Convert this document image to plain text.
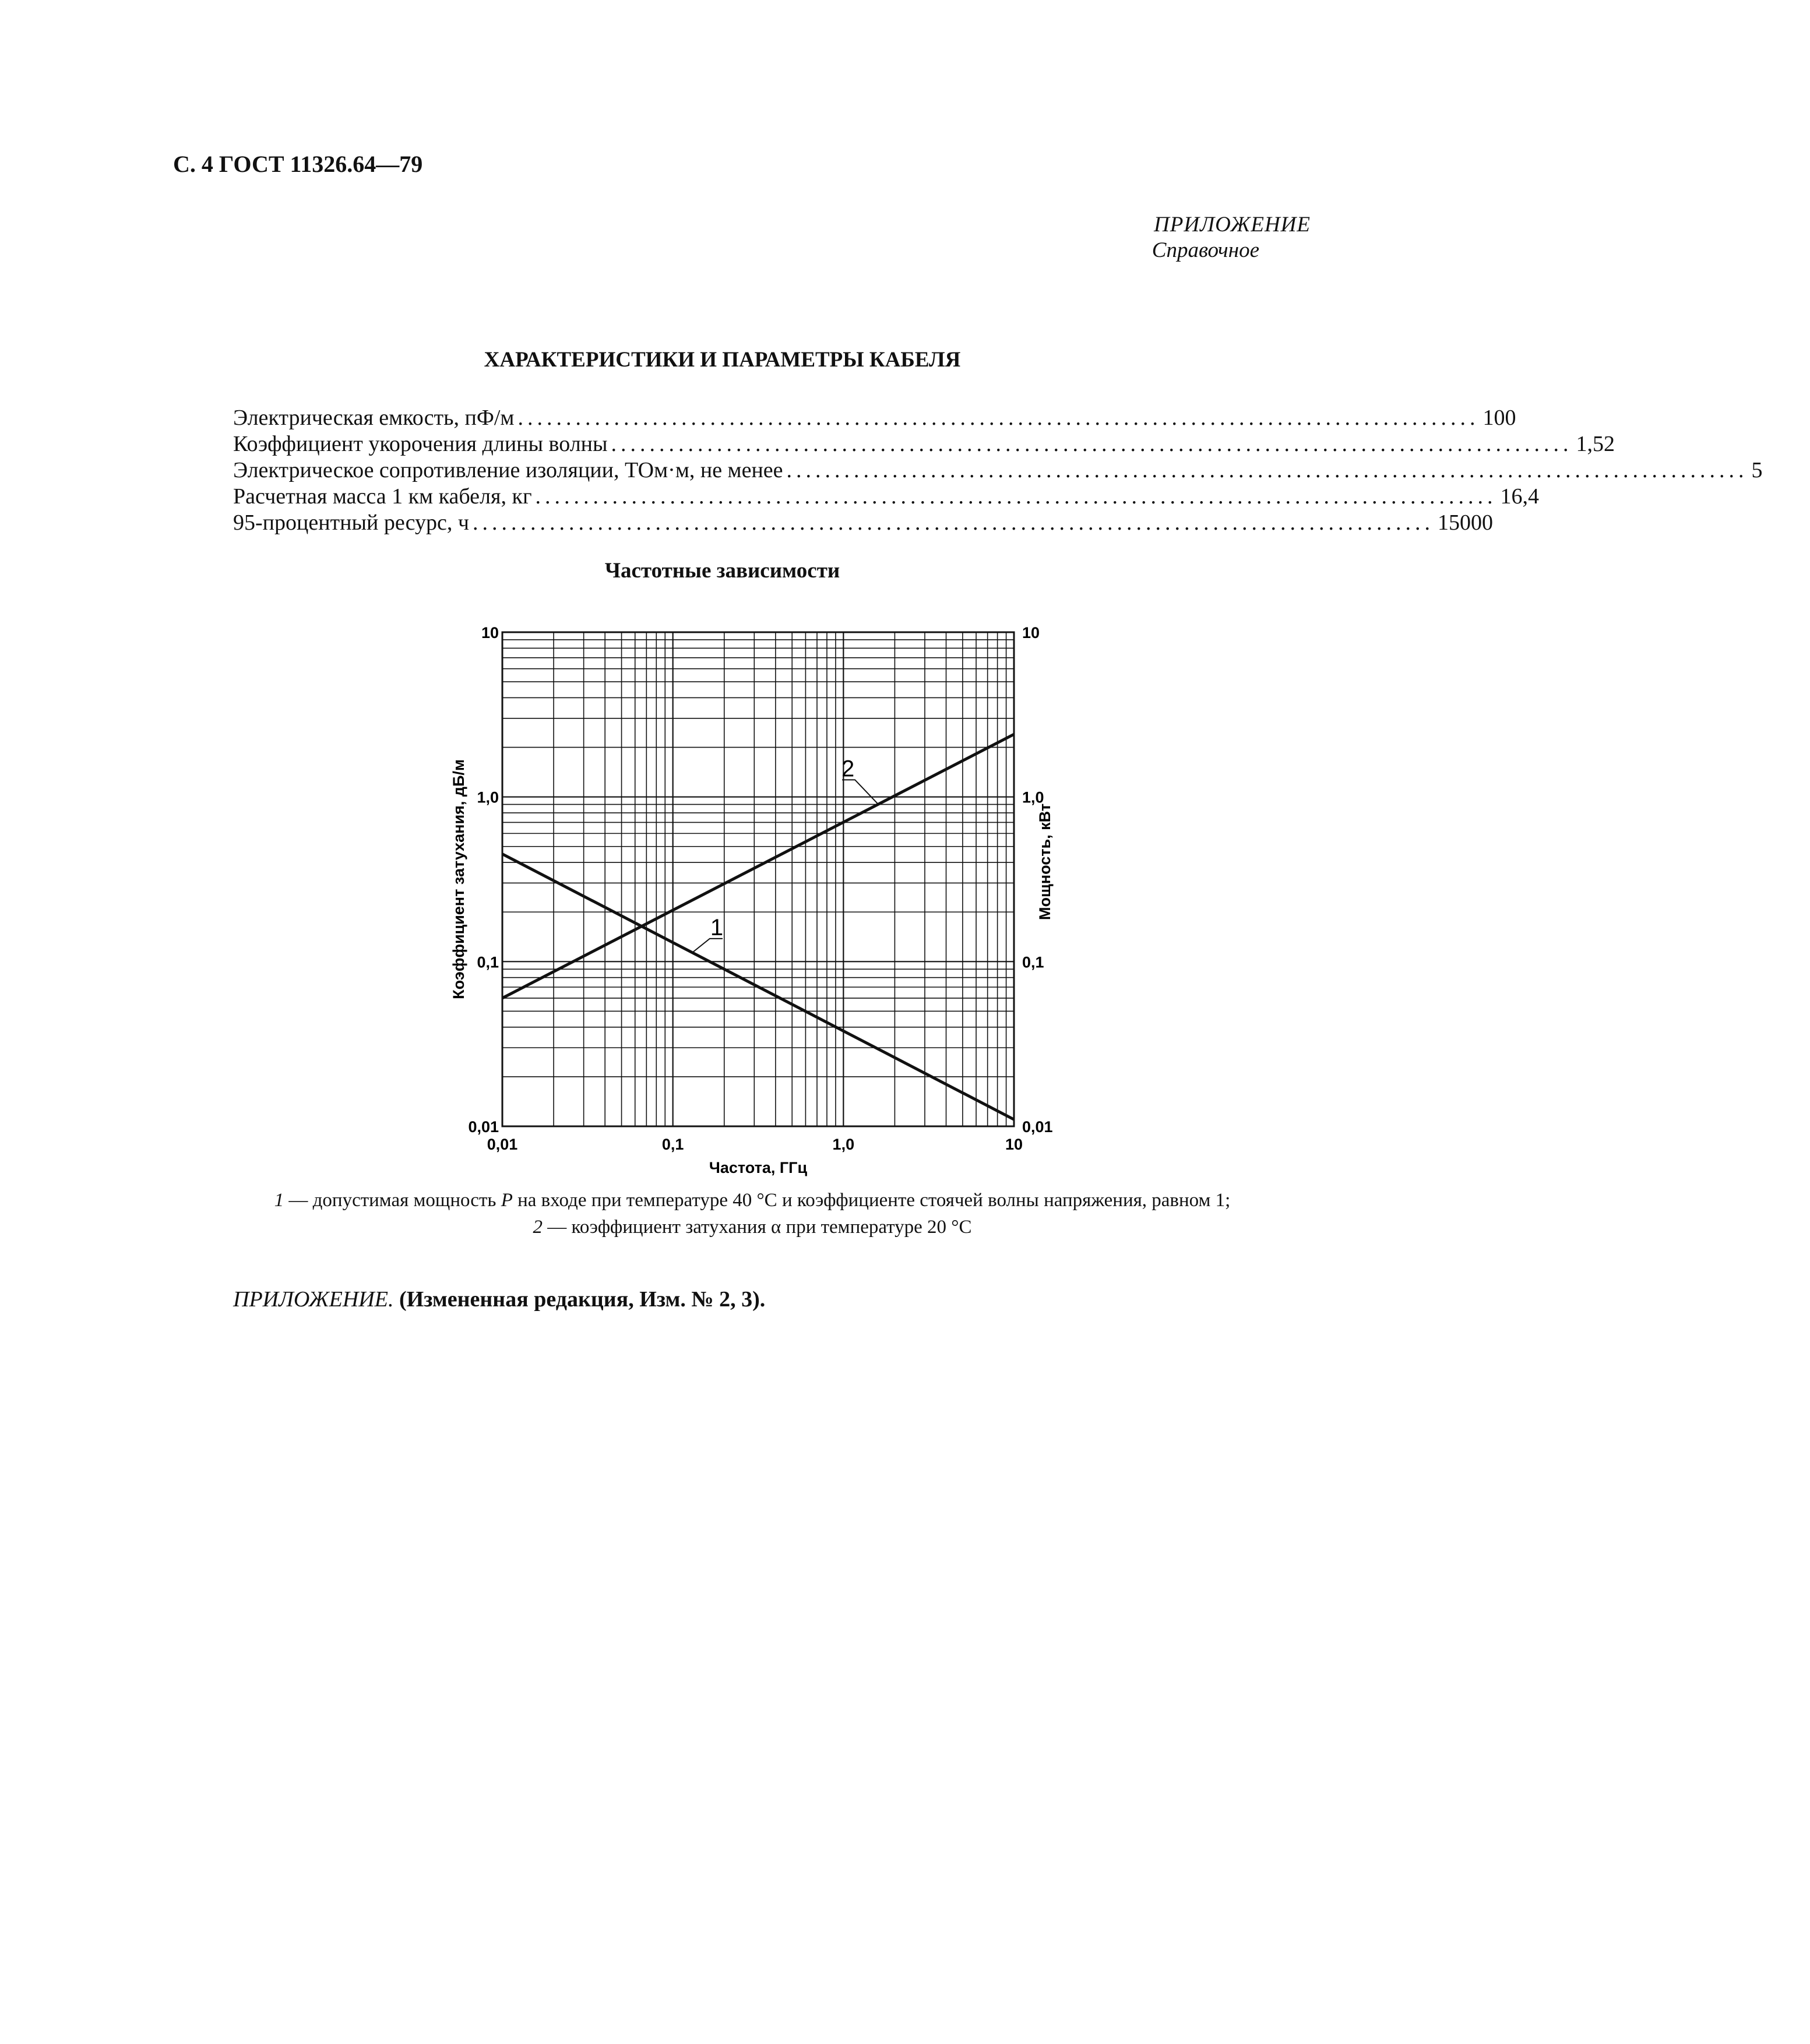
С. 4 ГОСТ 11326.64—79
ПРИЛОЖЕНИЕ
Справочное
ХАРАКТЕРИСТИКИ И ПАРАМЕТРЫ КАБЕЛЯ
Электрическая емкость, пФ/м .................................................................................................... 100
Коэффициент укорочения длины волны .................................................................................................... 1,52
Электрическое сопротивление изоляции, ТОм·м, не менее .................................................................................................... 5
Расчетная масса 1 км кабеля, кг .................................................................................................... 16,4
95-процентный ресурс, ч .................................................................................................... 15000
Частотные зависимости
0,01	0,1	1,0	10
0,01	0,01
0,1	0,1
1,0	1,0
10	10
1
2
Частота, ГГц
Коэффициент затухания, дБ/м	Мощность, кВт
1 — допустимая мощность P на входе при температуре 40 °С и коэффициенте стоячей волны напряжения, равном 1;
2 — коэффициент затухания α при температуре 20 °С
ПРИЛОЖЕНИЕ. (Измененная редакция, Изм. № 2, 3).
